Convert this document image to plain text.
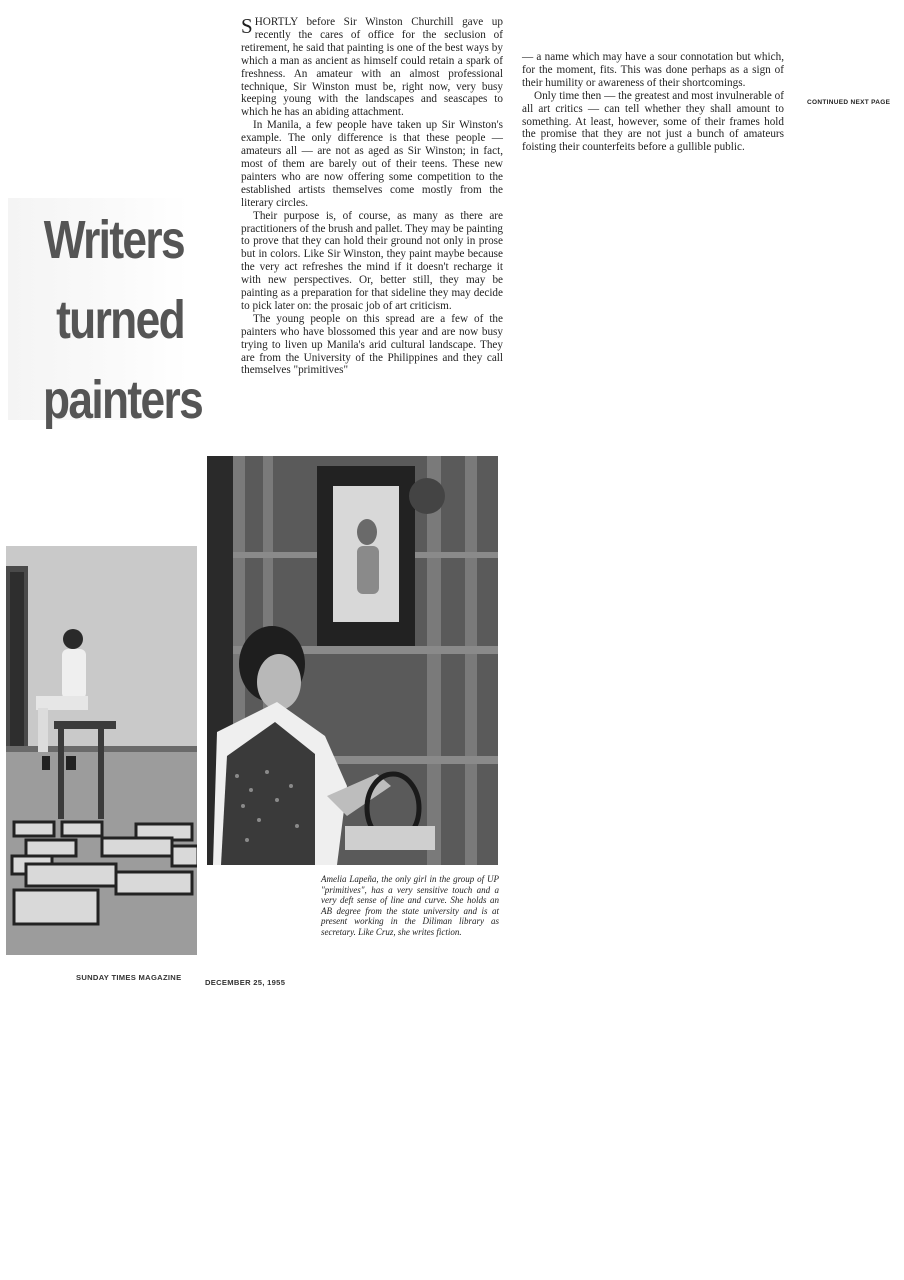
Writers
turned
painters

SHORTLY before Sir Winston Churchill gave up recently the cares of office for the seclusion of retirement, he said that painting is one of the best ways by which a man as ancient as himself could retain a spark of freshness. An amateur with an almost professional technique, Sir Winston must be, right now, very busy keeping young with the landscapes and seascapes to which he has an abiding attachment.

In Manila, a few people have taken up Sir Winston's example. The only difference is that these people — amateurs all — are not as aged as Sir Winston; in fact, most of them are barely out of their teens. These new painters who are now offering some competition to the established artists themselves come mostly from the literary circles.

Their purpose is, of course, as many as there are practitioners of the brush and pallet. They may be painting to prove that they can hold their ground not only in prose but in colors. Like Sir Winston, they paint maybe because the very act refreshes the mind if it doesn't recharge it with new perspectives. Or, better still, they may be painting as a preparation for that sideline they may decide to pick later on: the prosaic job of art criticism.

The young people on this spread are a few of the painters who have blossomed this year and are now busy trying to liven up Manila's arid cultural landscape. They are from the University of the Philippines and they call themselves "primitives"

— a name which may have a sour connotation but which, for the moment, fits. This was done perhaps as a sign of their humility or awareness of their shortcomings.

Only time then — the greatest and most invulnerable of all art critics — can tell whether they shall amount to something. At least, however, some of their frames hold the promise that they are not just a bunch of amateurs foisting their counterfeits before a gullible public.

CONTINUED NEXT PAGE

Amelia Lapeña, the only girl in the group of UP "primitives", has a very sensitive touch and a very deft sense of line and curve. She holds an AB degree from the state university and is at present working in the Diliman library as secretary. Like Cruz, she writes fiction.

SUNDAY TIMES MAGAZINE
DECEMBER 25, 1955
